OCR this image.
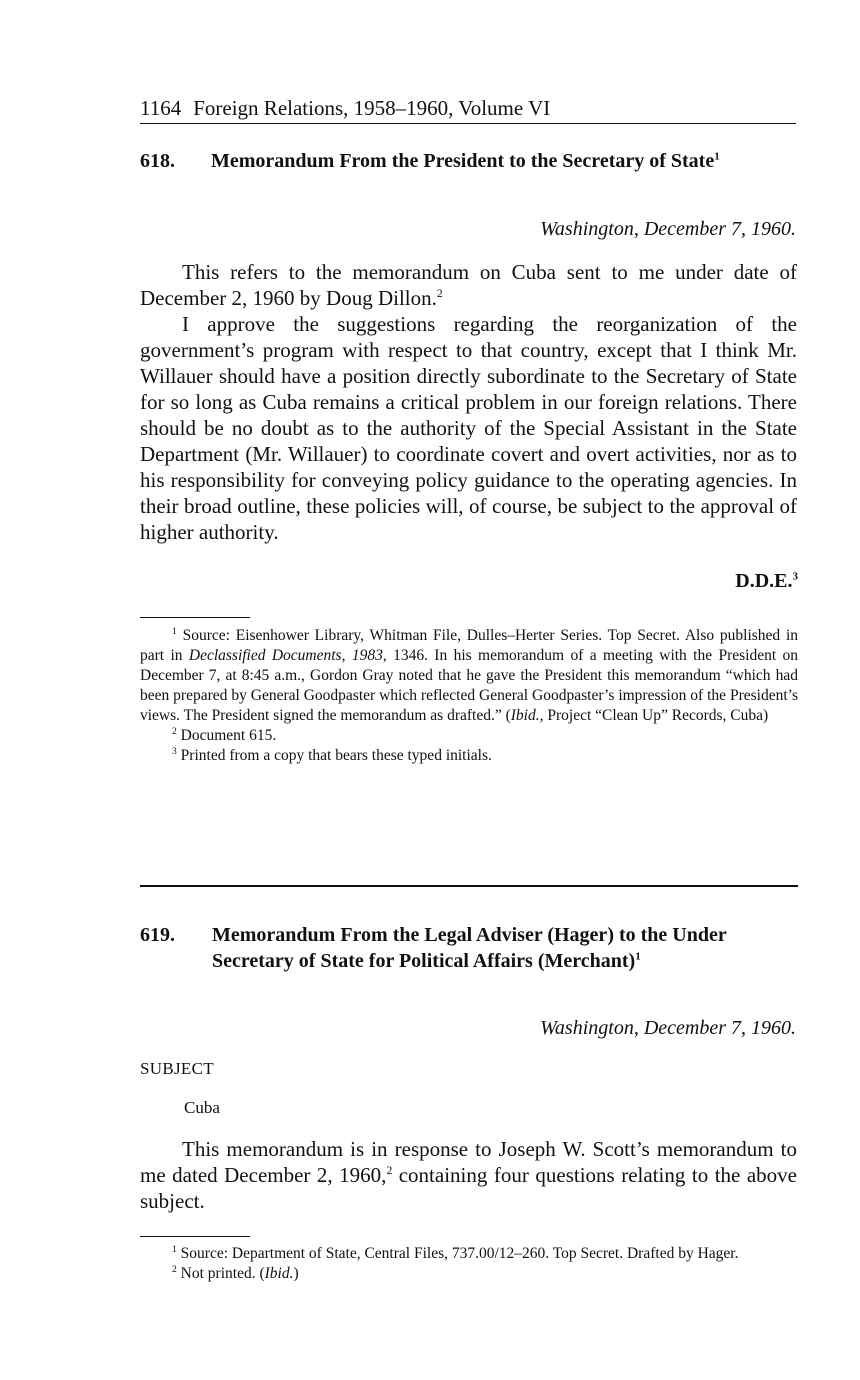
1164 Foreign Relations, 1958–1960, Volume VI
618.	Memorandum From the President to the Secretary of State$^1$
Washington, December 7, 1960.

This refers to the memorandum on Cuba sent to me under date of December 2, 1960 by Doug Dillon.$^2$

I approve the suggestions regarding the reorganization of the government’s program with respect to that country, except that I think Mr. Willauer should have a position directly subordinate to the Secretary of State for so long as Cuba remains a critical problem in our foreign relations. There should be no doubt as to the authority of the Special Assistant in the State Department (Mr. Willauer) to coordinate covert and overt activities, nor as to his responsibility for conveying policy guidance to the operating agencies. In their broad outline, these policies will, of course, be subject to the approval of higher authority.

D.D.E.$^3$

$^1$ Source: Eisenhower Library, Whitman File, Dulles–Herter Series. Top Secret. Also published in part in Declassified Documents, 1983, 1346. In his memorandum of a meeting with the President on December 7, at 8:45 a.m., Gordon Gray noted that he gave the President this memorandum “which had been prepared by General Goodpaster which reflected General Goodpaster’s impression of the President’s views. The President signed the memorandum as drafted.” (Ibid., Project “Clean Up” Records, Cuba)

$^2$ Document 615.

$^3$ Printed from a copy that bears these typed initials.

619.	Memorandum From the Legal Adviser (Hager) to the Under Secretary of State for Political Affairs (Merchant)$^1$
Washington, December 7, 1960.
SUBJECT
Cuba

This memorandum is in response to Joseph W. Scott’s memorandum to me dated December 2, 1960,$^2$ containing four questions relating to the above subject.

$^1$ Source: Department of State, Central Files, 737.00/12–260. Top Secret. Drafted by Hager.

$^2$ Not printed. (Ibid.)
